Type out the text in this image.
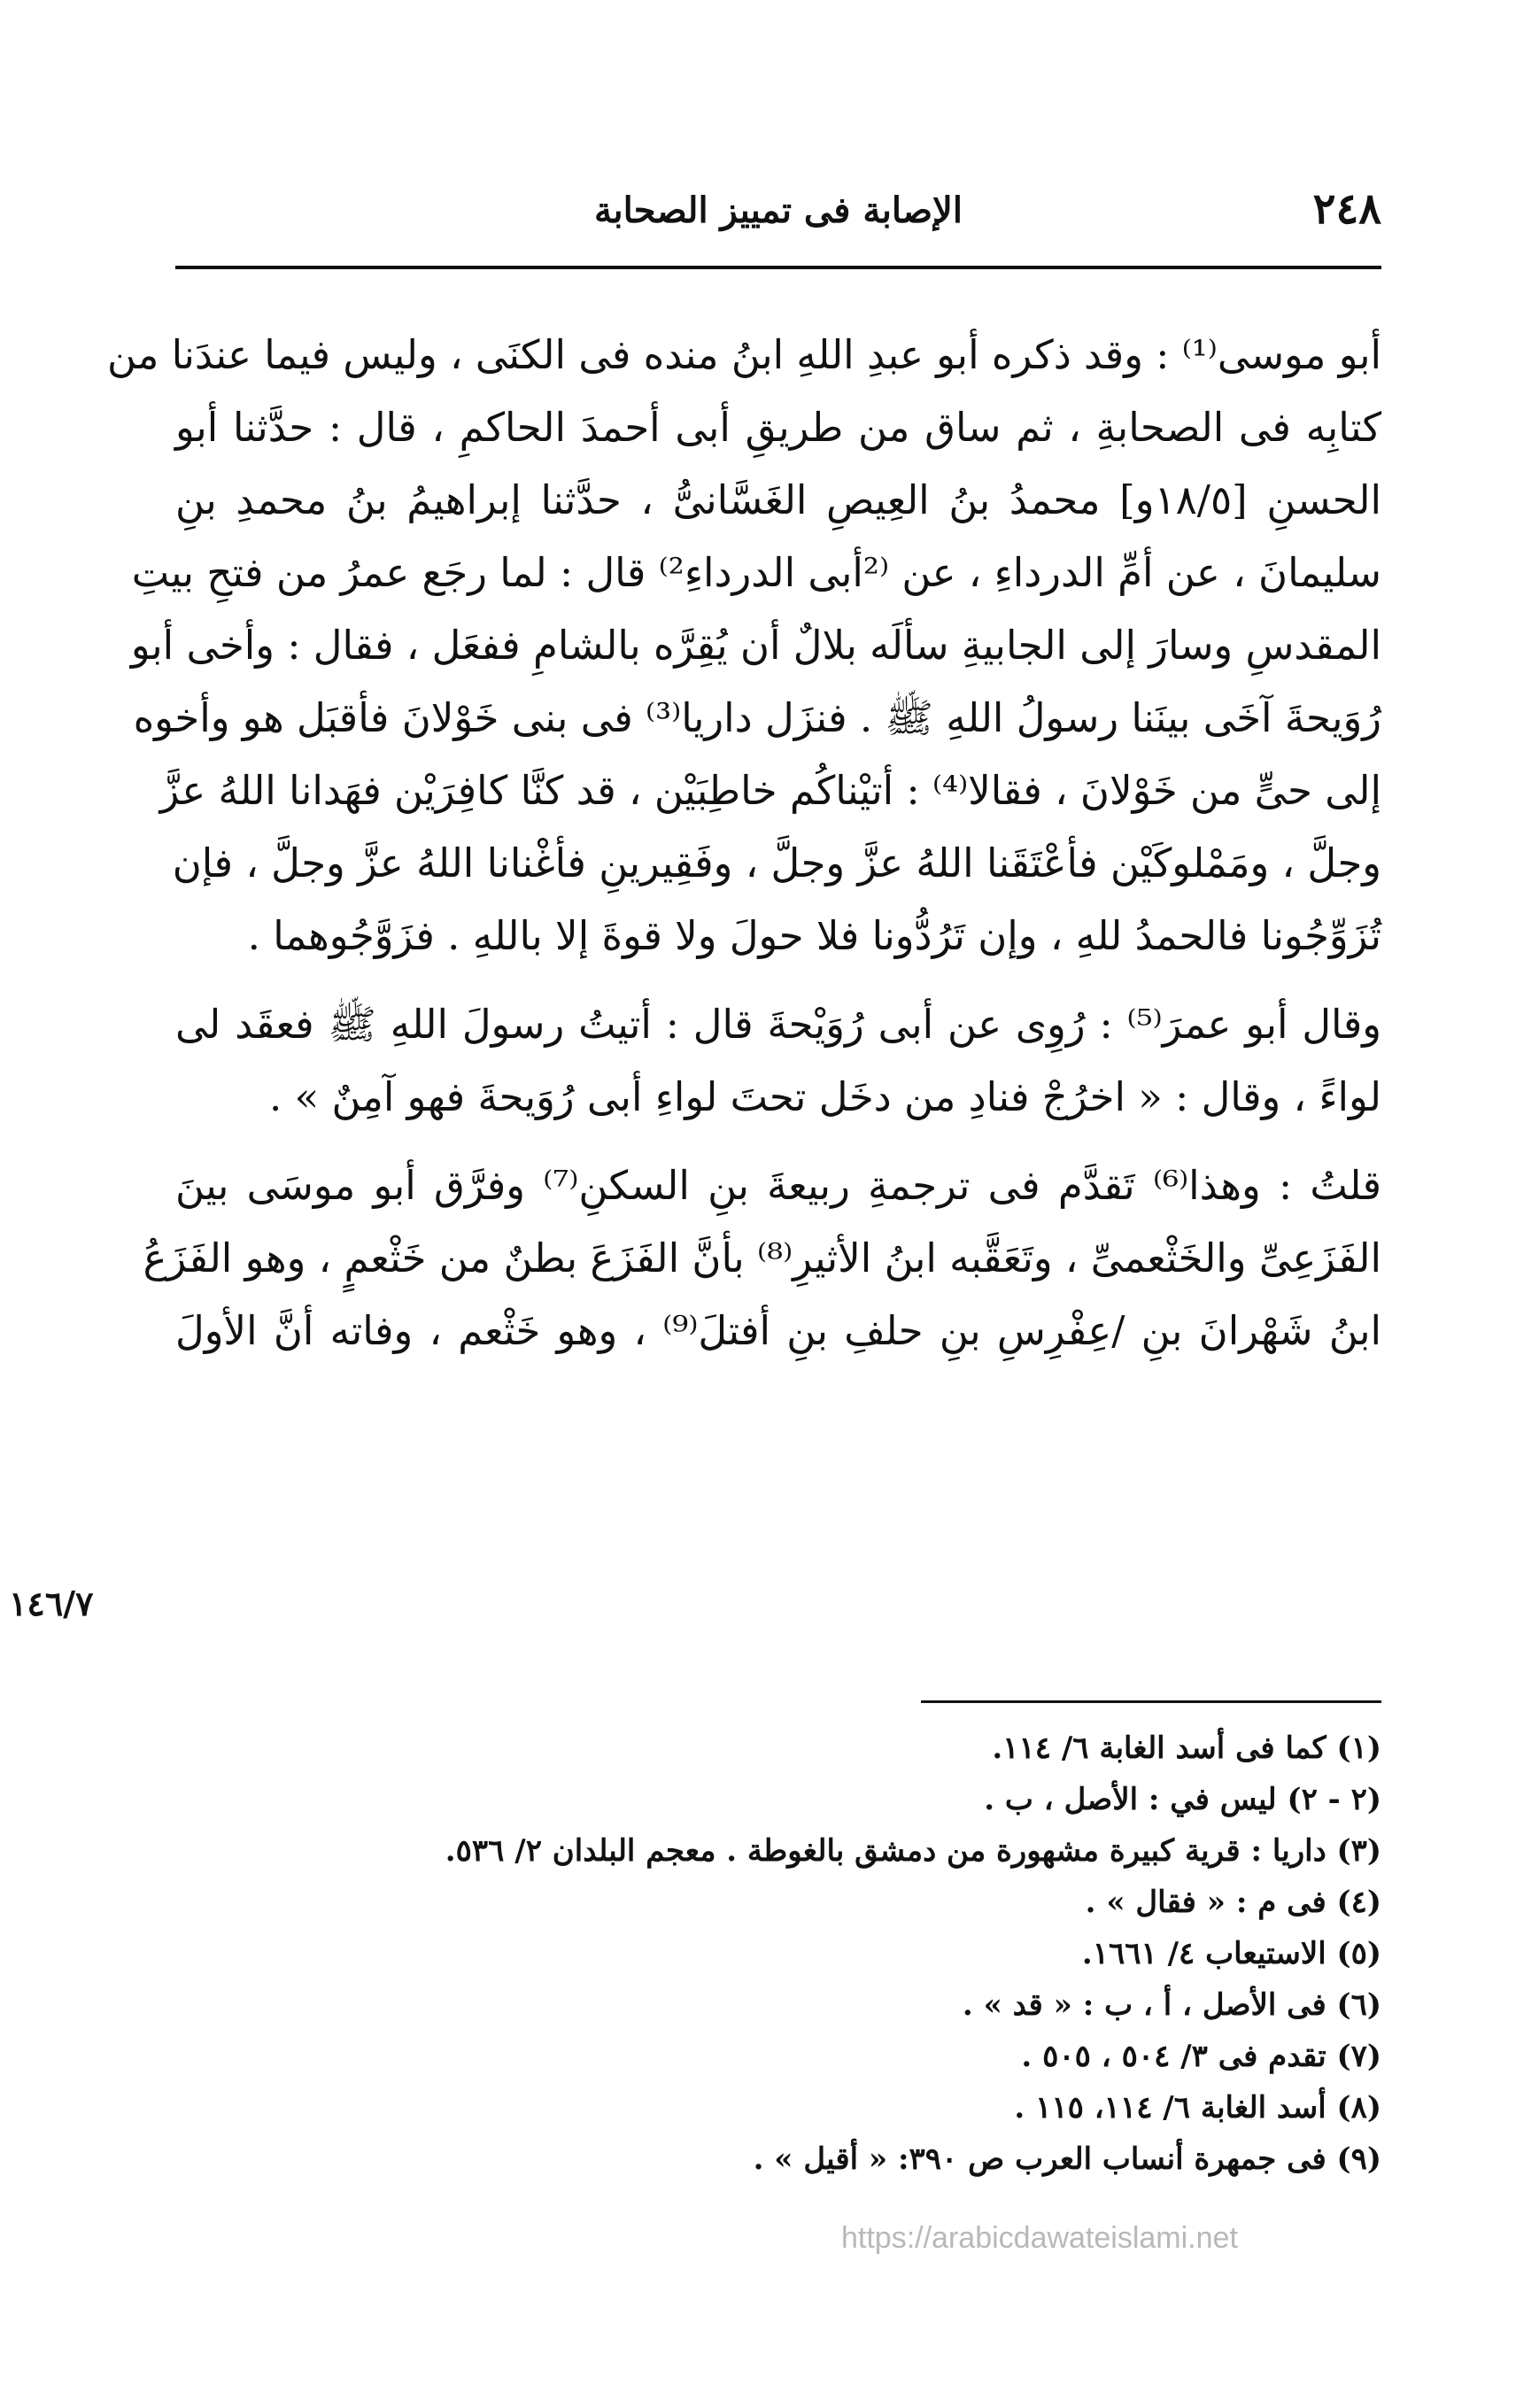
٢٤٨
الإصابة فى تمييز الصحابة

أبو موسى⁽¹⁾ : وقد ذكره أبو عبدِ اللهِ ابنُ منده فى الكنَى ، وليس فيما عندَنا من
كتابِه فى الصحابةِ ، ثم ساق من طريقِ أبى أحمدَ الحاكمِ ، قال : حدَّثنا أبو
الحسنِ [١٨/٥و] محمدُ بنُ العِيصِ الغَسَّانىُّ ، حدَّثنا إبراهيمُ بنُ محمدِ بنِ
سليمانَ ، عن أمِّ الدرداءِ ، عن ⁽²أبى الدرداءِ²⁾ قال : لما رجَع عمرُ من فتحِ بيتِ
المقدسِ وسارَ إلى الجابيةِ سألَه بلالٌ أن يُقِرَّه بالشامِ ففعَل ، فقال : وأخى أبو
رُوَيحةَ آخَى بينَنا رسولُ اللهِ ﷺ . فنزَل داريا⁽³⁾ فى بنى خَوْلانَ فأقبَل هو وأخوه
إلى حىٍّ من خَوْلانَ ، فقالا⁽⁴⁾ : أتيْناكُم خاطِبَيْن ، قد كنَّا كافِرَيْن فهَدانا اللهُ عزَّ
وجلَّ ، ومَمْلوكَيْن فأعْتَقَنا اللهُ عزَّ وجلَّ ، وفَقِيرينِ فأغْنانا اللهُ عزَّ وجلَّ ، فإن
تُزَوِّجُونا فالحمدُ للهِ ، وإن تَرُدُّونا فلا حولَ ولا قوةَ إلا باللهِ . فزَوَّجُوهما .

وقال أبو عمرَ⁽⁵⁾ : رُوِى عن أبى رُوَيْحةَ قال : أتيتُ رسولَ اللهِ ﷺ فعقَد لى
لواءً ، وقال : « اخرُجْ فنادِ من دخَل تحتَ لواءِ أبى رُوَيحةَ فهو آمِنٌ » .

قلتُ : وهذا⁽⁶⁾ تَقدَّم فى ترجمةِ ربيعةَ بنِ السكنِ⁽⁷⁾ وفرَّق أبو موسَى بينَ
الفَزَعِىِّ والخَثْعمىِّ ، وتَعَقَّبه ابنُ الأثيرِ⁽⁸⁾ بأنَّ الفَزَعَ بطنٌ من خَثْعمٍ ، وهو الفَزَعُ
ابنُ شَهْرانَ بنِ /عِفْرِسِ بنِ حلفِ بنِ أفتلَ⁽⁹⁾ ، وهو خَثْعم ، وفاته أنَّ الأولَ

١٤٦/٧
(١) كما فى أسد الغابة ٦/ ١١٤.
(٢ - ٢) ليس في : الأصل ، ب .
(٣) داريا : قرية كبيرة مشهورة من دمشق بالغوطة . معجم البلدان ٢/ ٥٣٦.
(٤) فى م : « فقال » .
(٥) الاستيعاب ٤/ ١٦٦١.
(٦) فى الأصل ، أ ، ب : « قد » .
(٧) تقدم فى ٣/ ٥٠٤ ، ٥٠٥ .
(٨) أسد الغابة ٦/ ١١٤، ١١٥ .
(٩) فى جمهرة أنساب العرب ص ٣٩٠: « أقيل » .
https://arabicdawateislami.net
